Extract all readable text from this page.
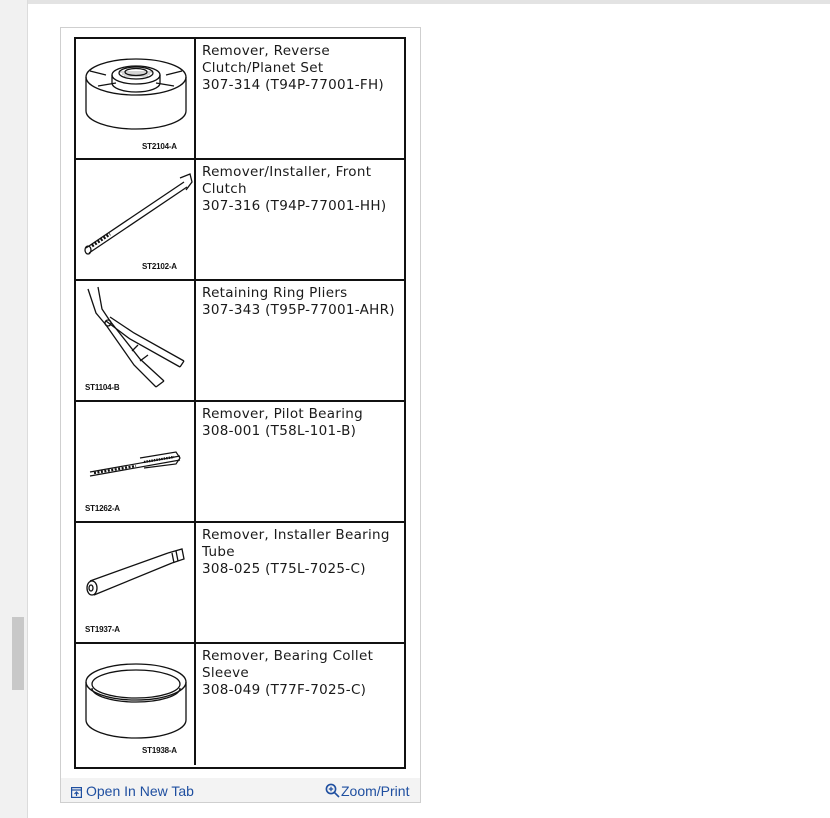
ST2104-A
Remover, Reverse
Clutch/Planet Set
307-314 (T94P-77001-FH)
ST2102-A
Remover/Installer, Front
Clutch
307-316 (T94P-77001-HH)
ST1104-B
Retaining Ring Pliers
307-343 (T95P-77001-AHR)
ST1262-A
Remover, Pilot Bearing
308-001 (T58L-101-B)
ST1937-A
Remover, Installer Bearing
Tube
308-025 (T75L-7025-C)
ST1938-A
Remover, Bearing Collet
Sleeve
308-049 (T77F-7025-C)
Open In New Tab	Zoom/Print
